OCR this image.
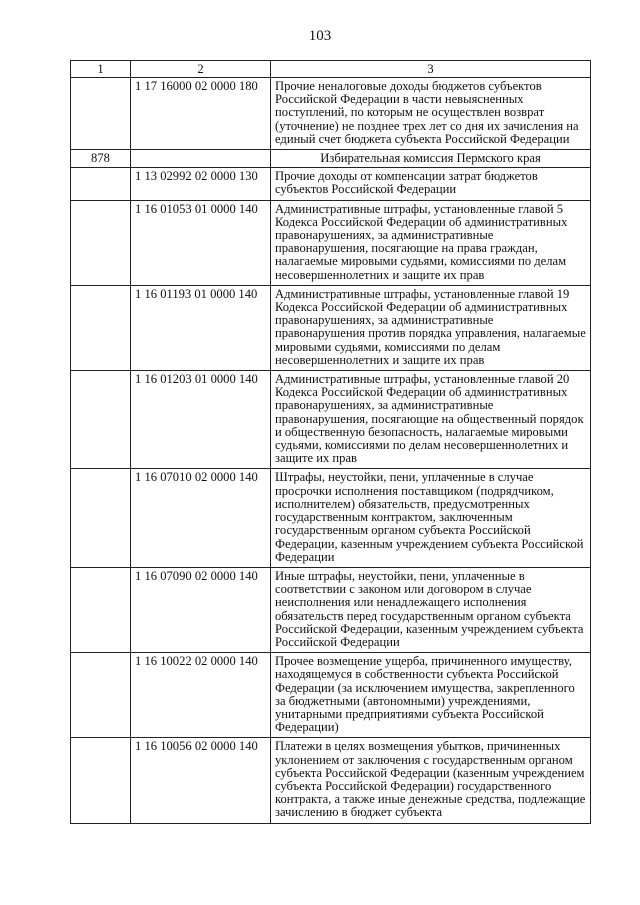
103
1	2	3
	1 17 16000 02 0000 180	Прочие неналоговые доходы бюджетов субъектов Российской Федерации в части невыясненных поступлений, по которым не осуществлен возврат (уточнение) не позднее трех лет со дня их зачисления на единый счет бюджета субъекта Российской Федерации
878		Избирательная комиссия Пермского края
	1 13 02992 02 0000 130	Прочие доходы от компенсации затрат бюджетов субъектов Российской Федерации
	1 16 01053 01 0000 140	Административные штрафы, установленные главой 5 Кодекса Российской Федерации об административных правонарушениях, за административные правонарушения, посягающие на права граждан, налагаемые мировыми судьями, комиссиями по делам несовершеннолетних и защите их прав
	1 16 01193 01 0000 140	Административные штрафы, установленные главой 19 Кодекса Российской Федерации об административных правонарушениях, за административные правонарушения против порядка управления, налагаемые мировыми судьями, комиссиями по делам несовершеннолетних и защите их прав
	1 16 01203 01 0000 140	Административные штрафы, установленные главой 20 Кодекса Российской Федерации об административных правонарушениях, за административные правонарушения, посягающие на общественный порядок и общественную безопасность, налагаемые мировыми судьями, комиссиями по делам несовершеннолетних и защите их прав
	1 16 07010 02 0000 140	Штрафы, неустойки, пени, уплаченные в случае просрочки исполнения поставщиком (подрядчиком, исполнителем) обязательств, предусмотренных государственным контрактом, заключенным государственным органом субъекта Российской Федерации, казенным учреждением субъекта Российской Федерации
	1 16 07090 02 0000 140	Иные штрафы, неустойки, пени, уплаченные в соответствии с законом или договором в случае неисполнения или ненадлежащего исполнения обязательств перед государственным органом субъекта Российской Федерации, казенным учреждением субъекта Российской Федерации
	1 16 10022 02 0000 140	Прочее возмещение ущерба, причиненного имуществу, находящемуся в собственности субъекта Российской Федерации (за исключением имущества, закрепленного за бюджетными (автономными) учреждениями, унитарными предприятиями субъекта Российской Федерации)
	1 16 10056 02 0000 140	Платежи в целях возмещения убытков, причиненных уклонением от заключения с государственным органом субъекта Российской Федерации (казенным учреждением субъекта Российской Федерации) государственного контракта, а также иные денежные средства, подлежащие зачислению в бюджет субъекта
